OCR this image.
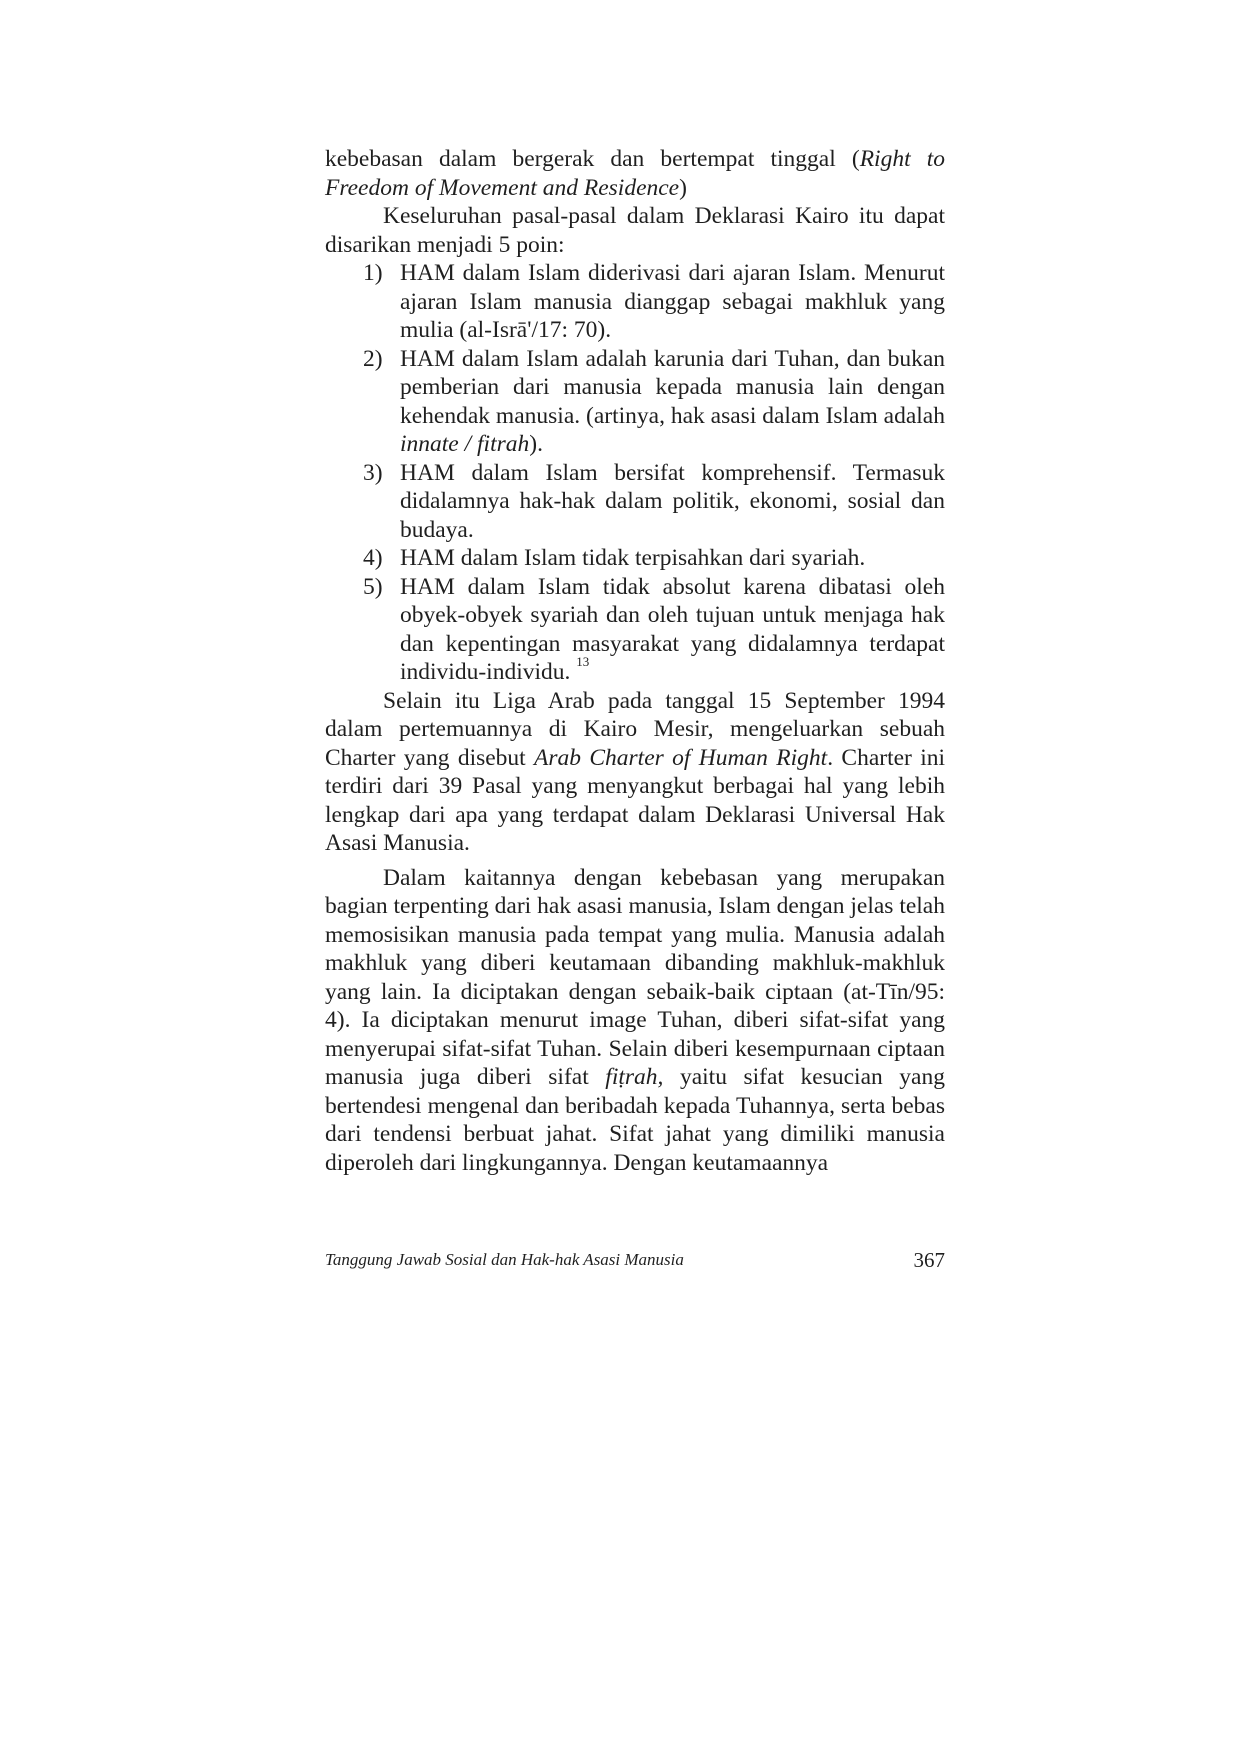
kebebasan dalam bergerak dan bertempat tinggal (Right to Freedom of Movement and Residence)

Keseluruhan pasal-pasal dalam Deklarasi Kairo itu dapat disarikan menjadi 5 poin:

1) HAM dalam Islam diderivasi dari ajaran Islam. Menurut ajaran Islam manusia dianggap sebagai makhluk yang mulia (al-Isrā'/17: 70).
2) HAM dalam Islam adalah karunia dari Tuhan, dan bukan pemberian dari manusia kepada manusia lain dengan kehendak manusia. (artinya, hak asasi dalam Islam adalah innate / fitrah).
3) HAM dalam Islam bersifat komprehensif. Termasuk didalamnya hak-hak dalam politik, ekonomi, sosial dan budaya.
4) HAM dalam Islam tidak terpisahkan dari syariah.
5) HAM dalam Islam tidak absolut karena dibatasi oleh obyek-obyek syariah dan oleh tujuan untuk menjaga hak dan kepentingan masyarakat yang didalamnya terdapat individu-individu. $^{13}$

Selain itu Liga Arab pada tanggal 15 September 1994 dalam pertemuannya di Kairo Mesir, mengeluarkan sebuah Charter yang disebut Arab Charter of Human Right. Charter ini terdiri dari 39 Pasal yang menyangkut berbagai hal yang lebih lengkap dari apa yang terdapat dalam Deklarasi Universal Hak Asasi Manusia.

Dalam kaitannya dengan kebebasan yang merupakan bagian terpenting dari hak asasi manusia, Islam dengan jelas telah memosisikan manusia pada tempat yang mulia. Manusia adalah makhluk yang diberi keutamaan dibanding makhluk-makhluk yang lain. Ia diciptakan dengan sebaik-baik ciptaan (at-Tīn/95: 4). Ia diciptakan menurut image Tuhan, diberi sifat-sifat yang menyerupai sifat-sifat Tuhan. Selain diberi kesempurnaan ciptaan manusia juga diberi sifat fiṭrah, yaitu sifat kesucian yang bertendesi mengenal dan beribadah kepada Tuhannya, serta bebas dari tendensi berbuat jahat. Sifat jahat yang dimiliki manusia diperoleh dari lingkungannya. Dengan keutamaannya

Tanggung Jawab Sosial dan Hak-hak Asasi Manusia	367
